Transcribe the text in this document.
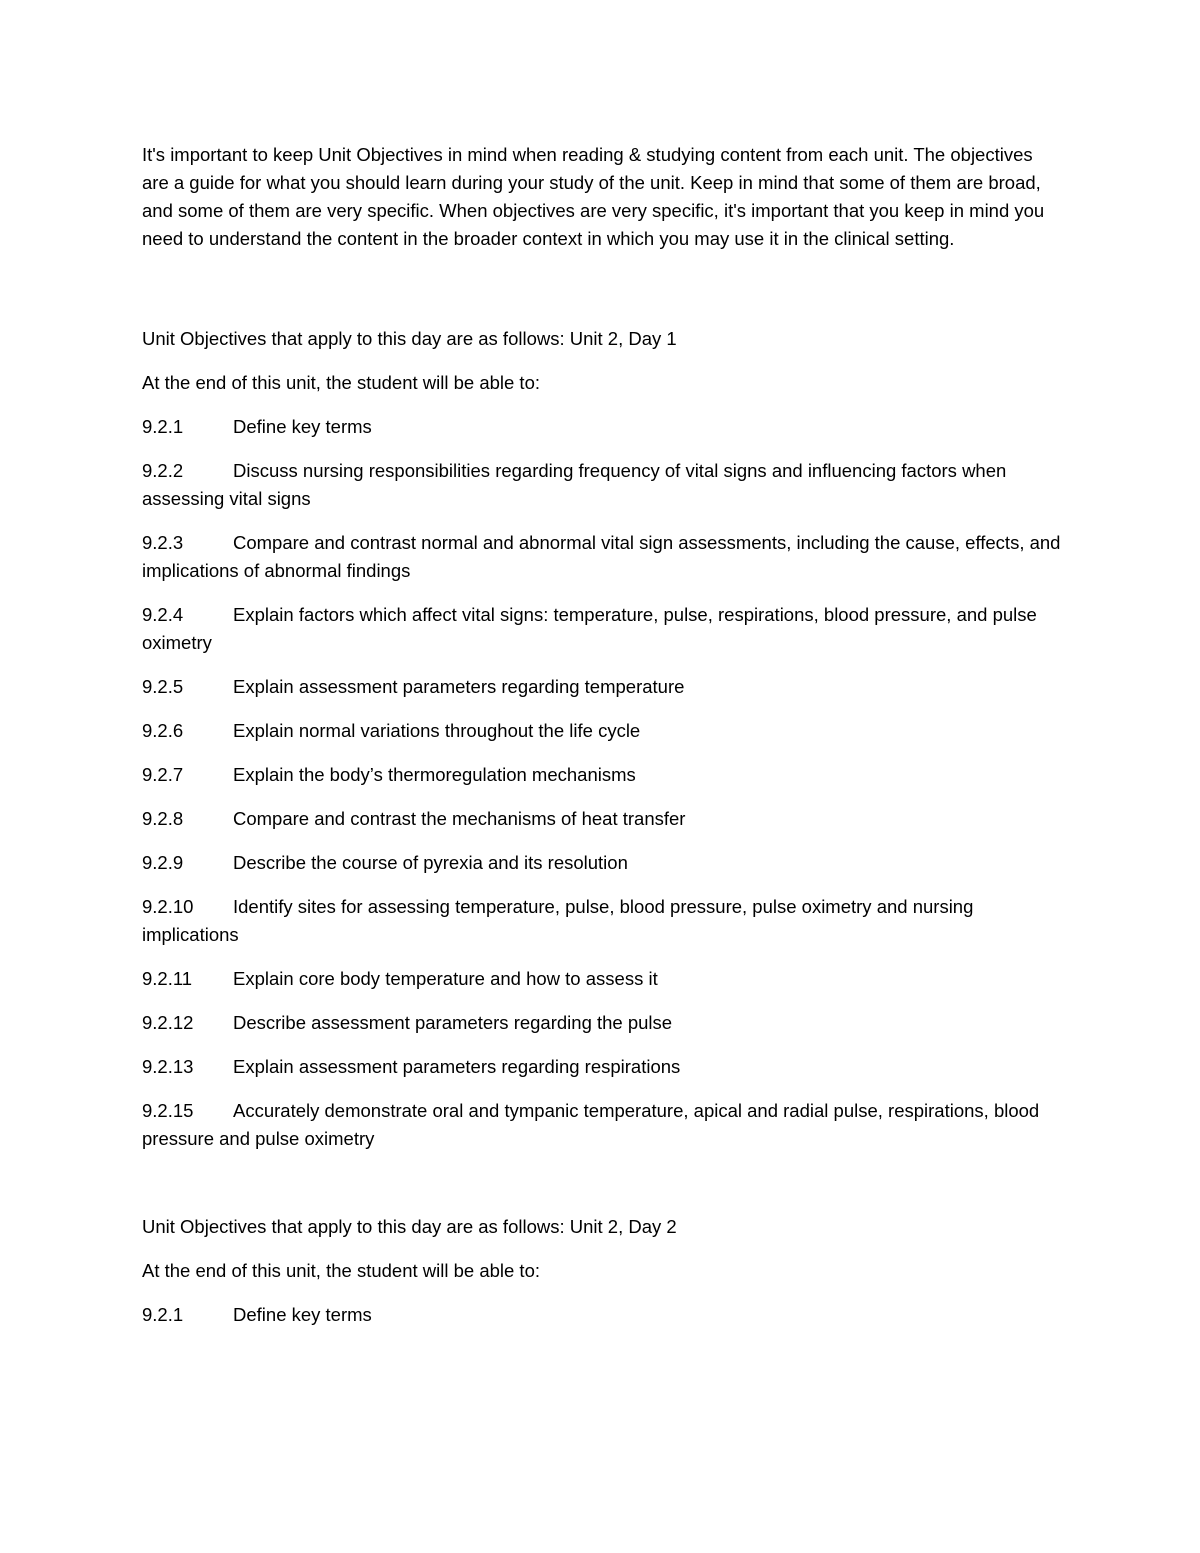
It's important to keep Unit Objectives in mind when reading & studying content from each unit. The objectives are a guide for what you should learn during your study of the unit. Keep in mind that some of them are broad, and some of them are very specific. When objectives are very specific, it's important that you keep in mind you need to understand the content in the broader context in which you may use it in the clinical setting.

Unit Objectives that apply to this day are as follows: Unit 2, Day 1

At the end of this unit, the student will be able to:

9.2.1	Define key terms

9.2.2	Discuss nursing responsibilities regarding frequency of vital signs and influencing factors when assessing vital signs

9.2.3	Compare and contrast normal and abnormal vital sign assessments, including the cause, effects, and implications of abnormal findings

9.2.4	Explain factors which affect vital signs: temperature, pulse, respirations, blood pressure, and pulse oximetry

9.2.5	Explain assessment parameters regarding temperature

9.2.6	Explain normal variations throughout the life cycle

9.2.7	Explain the body’s thermoregulation mechanisms

9.2.8	Compare and contrast the mechanisms of heat transfer

9.2.9	Describe the course of pyrexia and its resolution

9.2.10 Identify sites for assessing temperature, pulse, blood pressure, pulse oximetry and nursing implications

9.2.11 Explain core body temperature and how to assess it

9.2.12 Describe assessment parameters regarding the pulse

9.2.13 Explain assessment parameters regarding respirations

9.2.15 Accurately demonstrate oral and tympanic temperature, apical and radial pulse, respirations, blood pressure and pulse oximetry

Unit Objectives that apply to this day are as follows: Unit 2, Day 2

At the end of this unit, the student will be able to:

9.2.1	Define key terms
